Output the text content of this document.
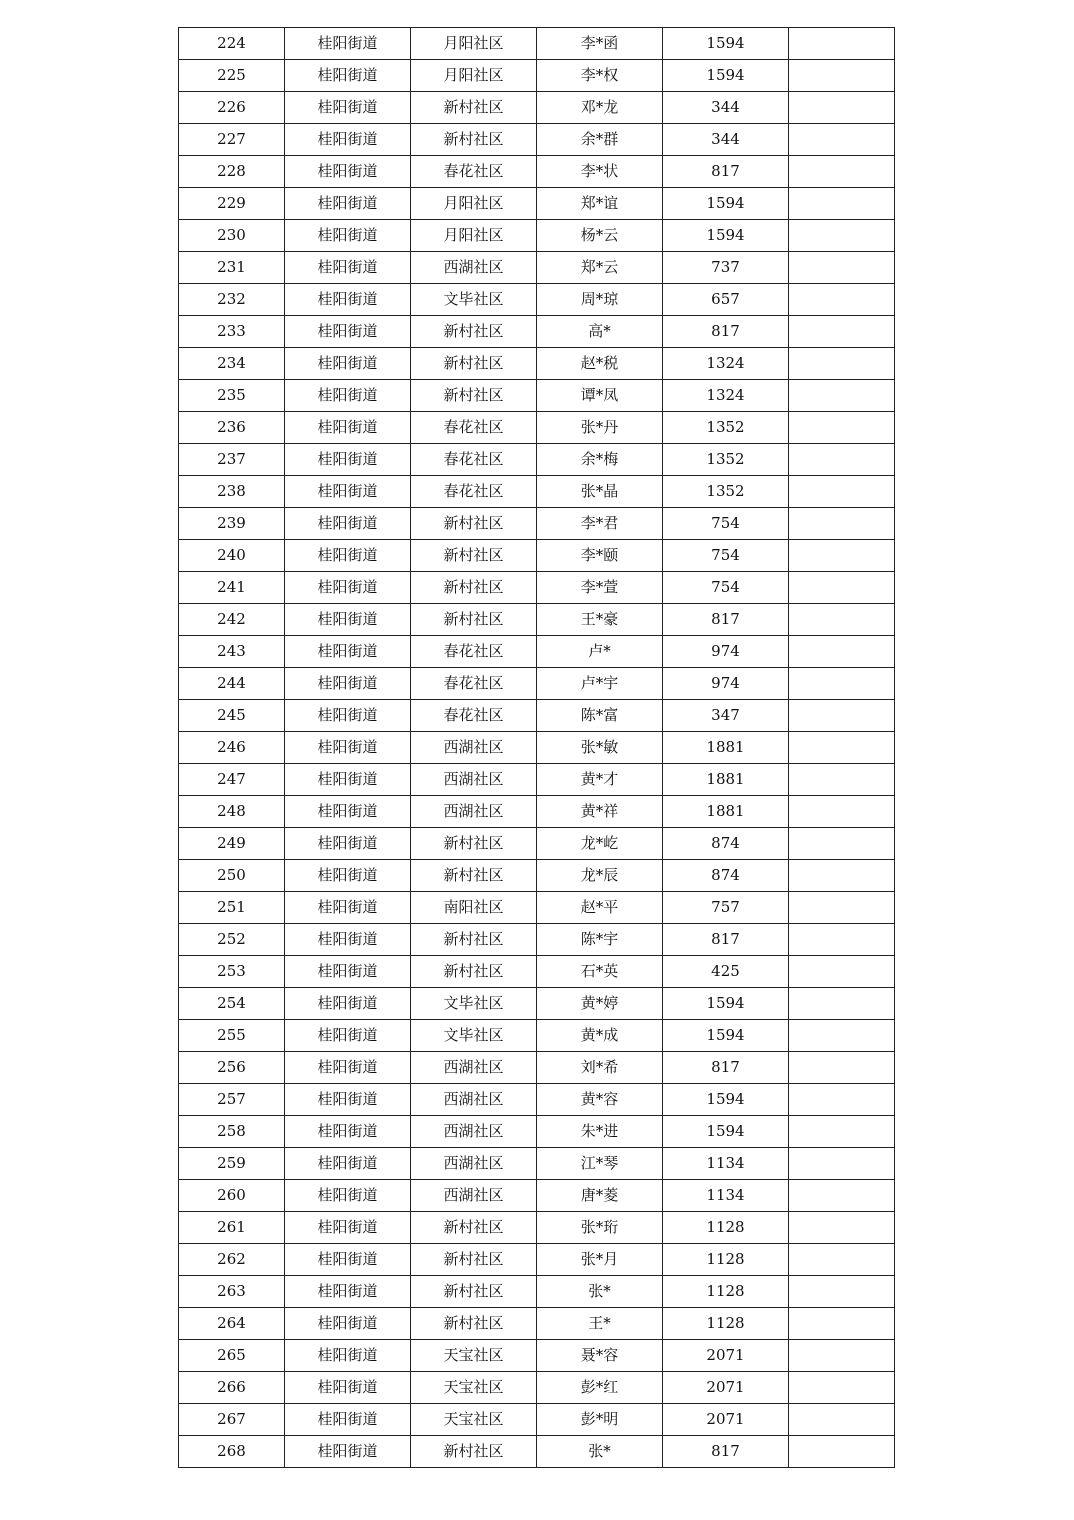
224	桂阳街道	月阳社区	李*函	1594	
225	桂阳街道	月阳社区	李*权	1594	
226	桂阳街道	新村社区	邓*龙	344	
227	桂阳街道	新村社区	余*群	344	
228	桂阳街道	春花社区	李*状	817	
229	桂阳街道	月阳社区	郑*谊	1594	
230	桂阳街道	月阳社区	杨*云	1594	
231	桂阳街道	西湖社区	郑*云	737	
232	桂阳街道	文毕社区	周*琼	657	
233	桂阳街道	新村社区	高*	817	
234	桂阳街道	新村社区	赵*税	1324	
235	桂阳街道	新村社区	谭*凤	1324	
236	桂阳街道	春花社区	张*丹	1352	
237	桂阳街道	春花社区	余*梅	1352	
238	桂阳街道	春花社区	张*晶	1352	
239	桂阳街道	新村社区	李*君	754	
240	桂阳街道	新村社区	李*颐	754	
241	桂阳街道	新村社区	李*萱	754	
242	桂阳街道	新村社区	王*豪	817	
243	桂阳街道	春花社区	卢*	974	
244	桂阳街道	春花社区	卢*宇	974	
245	桂阳街道	春花社区	陈*富	347	
246	桂阳街道	西湖社区	张*敏	1881	
247	桂阳街道	西湖社区	黄*才	1881	
248	桂阳街道	西湖社区	黄*祥	1881	
249	桂阳街道	新村社区	龙*屹	874	
250	桂阳街道	新村社区	龙*辰	874	
251	桂阳街道	南阳社区	赵*平	757	
252	桂阳街道	新村社区	陈*宇	817	
253	桂阳街道	新村社区	石*英	425	
254	桂阳街道	文毕社区	黄*婷	1594	
255	桂阳街道	文毕社区	黄*成	1594	
256	桂阳街道	西湖社区	刘*希	817	
257	桂阳街道	西湖社区	黄*容	1594	
258	桂阳街道	西湖社区	朱*进	1594	
259	桂阳街道	西湖社区	江*琴	1134	
260	桂阳街道	西湖社区	唐*菱	1134	
261	桂阳街道	新村社区	张*珩	1128	
262	桂阳街道	新村社区	张*月	1128	
263	桂阳街道	新村社区	张*	1128	
264	桂阳街道	新村社区	王*	1128	
265	桂阳街道	天宝社区	聂*容	2071	
266	桂阳街道	天宝社区	彭*红	2071	
267	桂阳街道	天宝社区	彭*明	2071	
268	桂阳街道	新村社区	张*	817	
